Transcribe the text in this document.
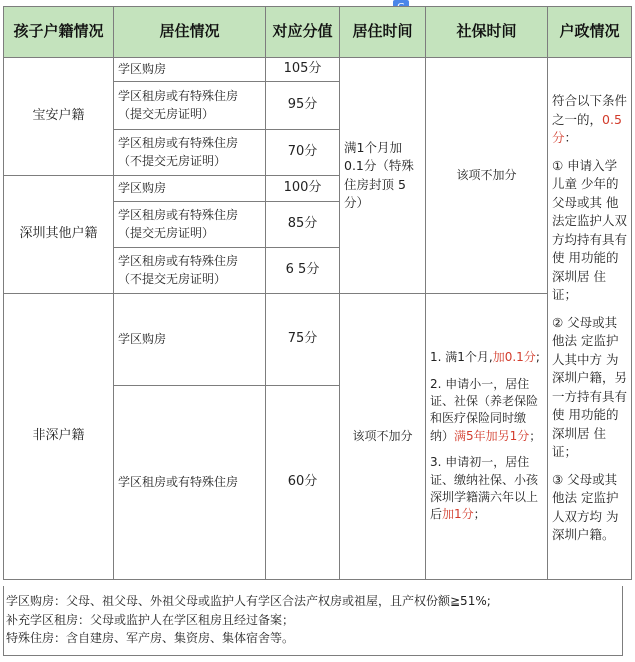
孩子户籍情况	居住情况	对应分值	居住时间	社保时间	户政情况
宝安户籍	学区购房	105分	满1个月加0.1分（特殊住房封顶 5分）	该项不加分	符合以下条件之一的，0.5分：
① 申请入学儿童 少年的父母或其 他法定监护人双方均持有具有使 用功能的深圳居 住证；
② 父母或其他法 定监护人其中方 为深圳户籍，另一方持有具有使 用功能的深圳居 住证；
③ 父母或其他法 定监护人双方均 为深圳户籍。

	学区租房或有特殊住房（提交无房证明）	95分			
	学区租房或有特殊住房（不提交无房证明）	70分			
深圳其他户籍	学区购房	100分			
	学区租房或有特殊住房（提交无房证明）	85分			
	学区租房或有特殊住房（不提交无房证明）	6 5分			
非深户籍	学区购房	75分	该项不加分	1. 满1个月,加0.1分;
2. 申请小一，居住证、社保（养老保险和医疗保险同时缴纳）满5年加另1分；
3. 申请初一，居住证、缴纳社保、小孩深圳学籍满六年以上后加1分；	

	学区租房或有特殊住房	60分			
学区购房：父母、祖父母、外祖父母或监护人有学区合法产权房或祖屋，且产权份额≧51%;
补充学区租房：父母或监护人在学区租房且经过备案；
特殊住房：含自建房、军产房、集资房、集体宿舍等。
